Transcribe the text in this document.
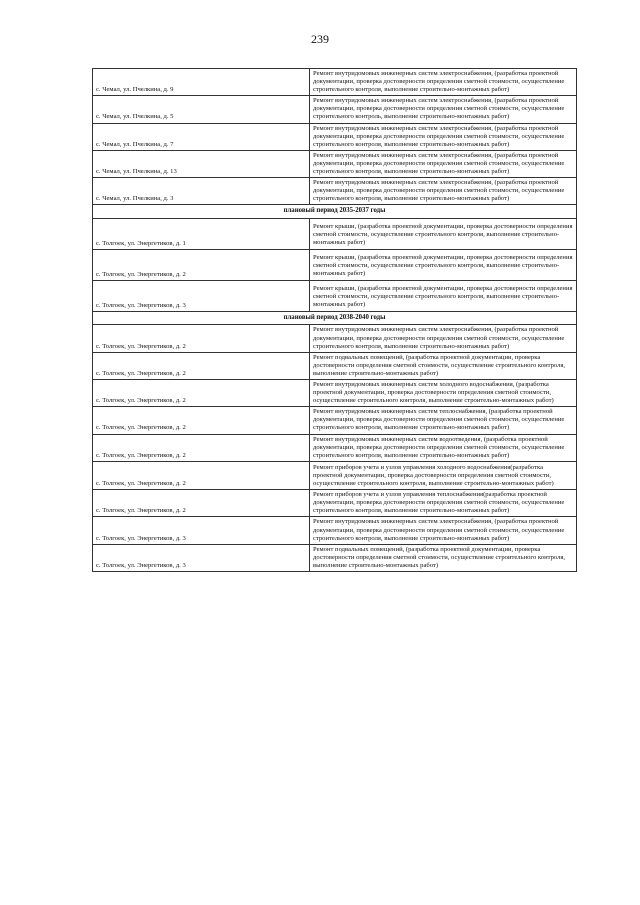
239
с. Чемал, ул. Пчелкина, д. 9	Ремонт внутридомовых инженерных систем электроснабжения, (разработка проектной документации, проверка достоверности определения сметной стоимости, осуществление строительного контроля, выполнение строительно-монтажных работ)
с. Чемал, ул. Пчелкина, д. 5	Ремонт внутридомовых инженерных систем электроснабжения, (разработка проектной документации, проверка достоверности определения сметной стоимости, осуществление строительного контроль, выполнение строительно-монтажных работ)
с. Чемал, ул. Пчелкина, д. 7	Ремонт внутридомовых инженерных систем электроснабжения, (разработка проектной документации, проверка достоверности определения сметной стоимости, осуществление строительного контроля, выполнение строительно-монтажных работ)
с. Чемал, ул. Пчелкина, д. 13	Ремонт внутридомовых инженерных систем электроснабжения, (разработка проектной документации, проверка достоверности определения сметной стоимости, осуществление строительного контроля, выполнение строительно-монтажных работ)
с. Чемал, ул. Пчелкина, д. 3	Ремонт внутридомовых инженерных систем электроснабжения, (разработка проектной документации, проверка достоверности определения сметной стоимости, осуществление строительного контроля, выполнение строительно-монтажных работ)
плановый период 2035-2037 годы	
с. Толгоек, ул. Энергетиков, д. 1	Ремонт крыши, (разработка проектной документации, проверка достоверности определения сметной стоимости, осуществление строительного контроля, выполнение строительно-монтажных работ)
с. Толгоек, ул. Энергетиков, д. 2	Ремонт крыши, (разработка проектной документации, проверка достоверности определения сметной стоимости, осуществление строительного контроля, выполнение строительно-монтажных работ)
с. Толгоек, ул. Энергетиков, д. 3	Ремонт крыши, (разработка проектной документации, проверка достоверности определения сметной стоимости, осуществление строительного контроля, выполнение строительно-монтажных работ)
плановый период 2038-2040 годы	
с. Толгоек, ул. Энергетиков, д. 2	Ремонт внутридомовых инженерных систем электроснабжения, (разработка проектной документации, проверка достоверности определения сметной стоимости, осуществление строительного контроля, выполнение строительно-монтажных работ)
с. Толгоек, ул. Энергетиков, д. 2	Ремонт подвальных помещений, (разработка проектной документации, проверка достоверности определения сметной стоимости, осуществление строительного контроля, выполнение строительно-монтажных работ)
с. Толгоек, ул. Энергетиков, д. 2	Ремонт внутридомовых инженерных систем холодного водоснабжения, (разработка проектной документации, проверка достоверности определения сметной стоимости, осуществление строительного контроля, выполнение строительно-монтажных работ)
с. Толгоек, ул. Энергетиков, д. 2	Ремонт внутридомовых инженерных систем теплоснабжения, (разработка проектной документации, проверка достоверности определения сметной стоимости, осуществление строительного контроля, выполнение строительно-монтажных работ)
с. Толгоек, ул. Энергетиков, д. 2	Ремонт внутридомовых инженерных систем водоотведения, (разработка проектной документации, проверка достоверности определения сметной стоимости, осуществление строительного контроля, выполнение строительно-монтажных работ)
с. Толгоек, ул. Энергетиков, д. 2	Ремонт приборов учета и узлов управления холодного водоснабжения(разработка проектной документации, проверка достоверности определения сметной стоимости, осуществление строительного контроля, выполнение строительно-монтажных работ)
с. Толгоек, ул. Энергетиков, д. 2	Ремонт приборов учета и узлов управления теплоснабжения(разработка проектной документации, проверка достоверности определения сметной стоимости, осуществление строительного контроля, выполнение строительно-монтажных работ)
с. Толгоек, ул. Энергетиков, д. 3	Ремонт внутридомовых инженерных систем электроснабжения, (разработка проектной документации, проверка достоверности определения сметной стоимости, осуществление строительного контроля, выполнение строительно-монтажных работ)
с. Толгоек, ул. Энергетиков, д. 3	Ремонт подвальных помещений, (разработка проектной документации, проверка достоверности определения сметной стоимости, осуществление строительного контроля, выполнение строительно-монтажных работ)
